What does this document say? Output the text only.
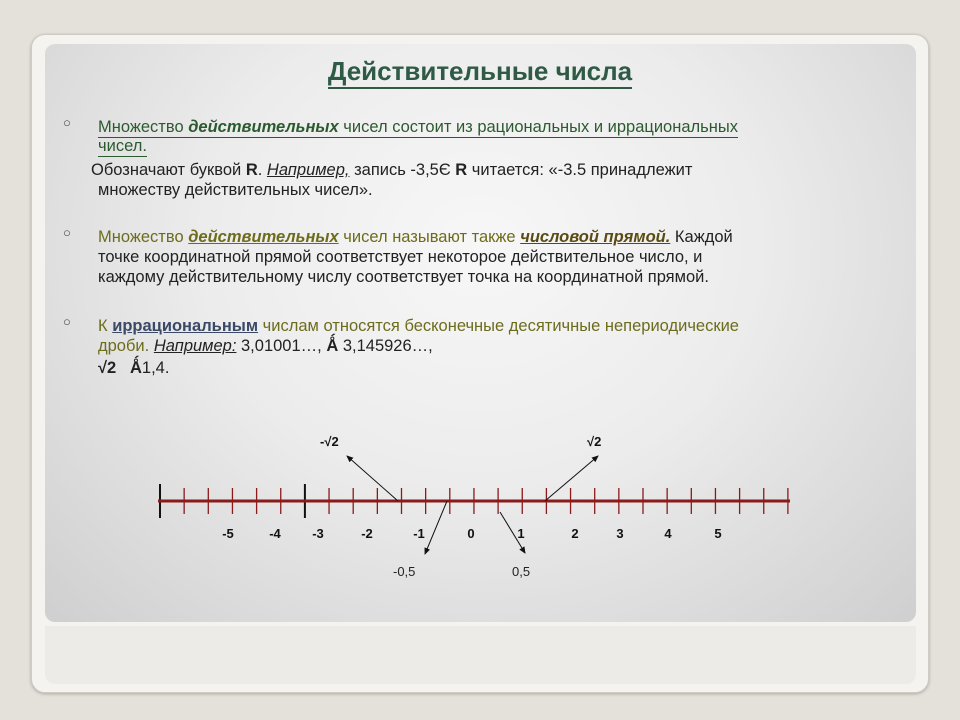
Действительные числа
○ Множество действительных чисел состоит из рациональных и иррациональных
чисел.
Обозначают буквой R. Например, запись -3,5Є R читается: «-3.5 принадлежит
множеству действительных чисел».
○ Множество действительных чисел называют также числовой прямой. Каждой
точке координатной прямой соответствует некоторое действительное число, и
каждому действительному числу соответствует точка на координатной прямой.
○ К иррациональным числам относятся бесконечные десятичные непериодические
дроби. Например: 3,01001…, Ǻ 3,145926…,
√2 Ǻ1,4.
-√2	√2
-0,5	0,5
-5	-4 -3	-2	-1	0	1	2	3	5
4
